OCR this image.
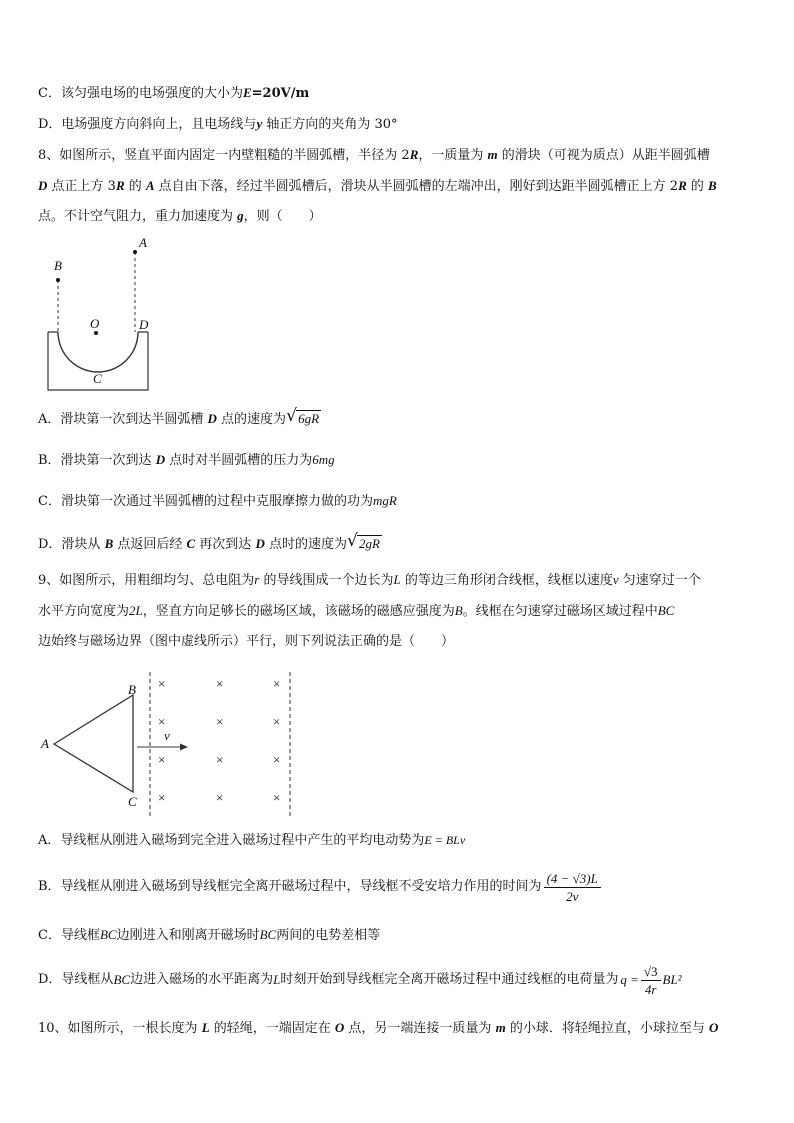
C．该匀强电场的电场强度的大小为E=20V/m
D．电场强度方向斜向上，且电场线与y 轴正方向的夹角为 30°
8、如图所示，竖直平面内固定一内壁粗糙的半圆弧槽，半径为 2R，一质量为 m 的滑块（可视为质点）从距半圆弧槽
D 点正上方 3R 的 A 点自由下落，经过半圆弧槽后，滑块从半圆弧槽的左端冲出，刚好到达距半圆弧槽正上方 2R 的 B
点。不计空气阻力，重力加速度为 g，则（　　）
B
A
O	D
C
A．滑块第一次到达半圆弧槽 D 点的速度为 √ 6gR
B．滑块第一次到达 D 点时对半圆弧槽的压力为6mg
C．滑块第一次通过半圆弧槽的过程中克服摩擦力做的功为mgR
D．滑块从 B 点返回后经 C 再次到达 D 点时的速度为 √ 2gR
9、如图所示，用粗细均匀、总电阻为r 的导线围成一个边长为L 的等边三角形闭合线框，线框以速度v 匀速穿过一个
水平方向宽度为2L，竖直方向足够长的磁场区域，该磁场的磁感应强度为B。线框在匀速穿过磁场区域过程中BC
边始终与磁场边界（图中虚线所示）平行，则下列说法正确的是（　　）
B
A
C
v
×	×	×
×	×	×
×	×	×
×	×	×
A．导线框从刚进入磁场到完全进入磁场过程中产生的平均电动势为E = BLv
B．导线框从刚进入磁场到导线框完全离开磁场过程中，导线框不受安培力作用的时间为 $\frac{(4 - √3)L}{2v}$
C．导线框BC边刚进入和刚离开磁场时BC两间的电势差相等
D．导线框从 BC 边进入磁场的水平距离为 L 时刻开始到导线框完全离开磁场过程中通过线框的电荷量为 $q = \frac{√3}{4r} BL^2$
10、如图所示，一根长度为 L 的轻绳，一端固定在 O 点，另一端连接一质量为 m 的小球．将轻绳拉直，小球拉至与 O
